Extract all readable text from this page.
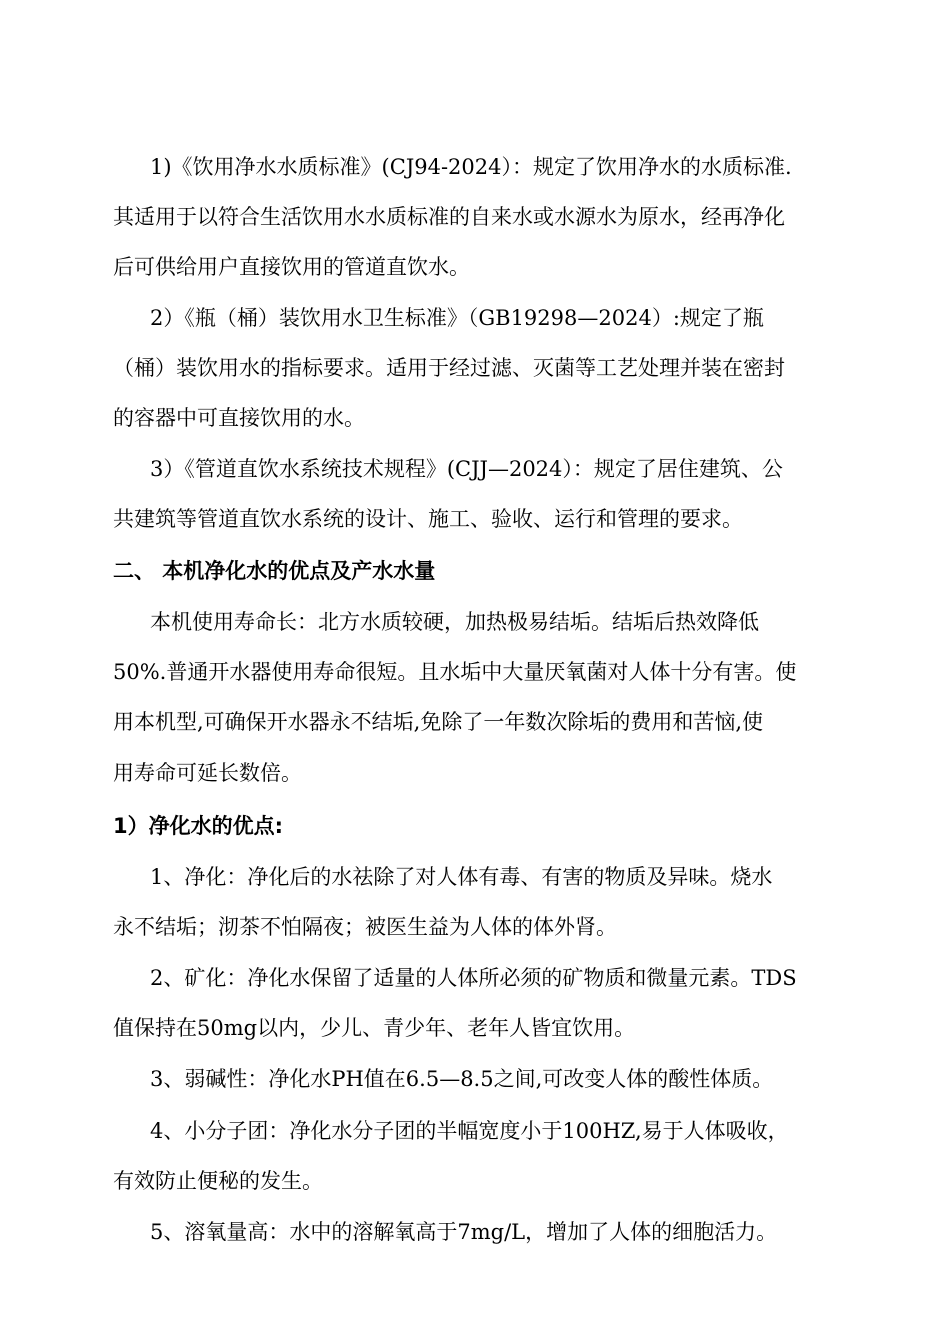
1)《饮用净水水质标准》(CJ94-2024）：规定了饮用净水的水质标准.
其适用于以符合生活饮用水水质标准的自来水或水源水为原水，经再净化
后可供给用户直接饮用的管道直饮水。
2）《瓶（桶）装饮用水卫生标准》（GB19298—2024）:规定了瓶
（桶）装饮用水的指标要求。适用于经过滤、灭菌等工艺处理并装在密封
的容器中可直接饮用的水。
3）《管道直饮水系统技术规程》(CJJ—2024）：规定了居住建筑、公
共建筑等管道直饮水系统的设计、施工、验收、运行和管理的要求。
二、 本机净化水的优点及产水水量
本机使用寿命长：北方水质较硬，加热极易结垢。结垢后热效降低
50%.普通开水器使用寿命很短。且水垢中大量厌氧菌对人体十分有害。使
用本机型,可确保开水器永不结垢,免除了一年数次除垢的费用和苦恼,使
用寿命可延长数倍。
1）净化水的优点:
1、净化：净化后的水祛除了对人体有毒、有害的物质及异味。烧水
永不结垢；沏茶不怕隔夜；被医生益为人体的体外肾。
2、矿化：净化水保留了适量的人体所必须的矿物质和微量元素。TDS
值保持在50mg以内，少儿、青少年、老年人皆宜饮用。
3、弱碱性：净化水PH值在6.5—8.5之间,可改变人体的酸性体质。
4、小分子团：净化水分子团的半幅宽度小于100HZ,易于人体吸收，
有效防止便秘的发生。
5、溶氧量高：水中的溶解氧高于7mg/L，增加了人体的细胞活力。
